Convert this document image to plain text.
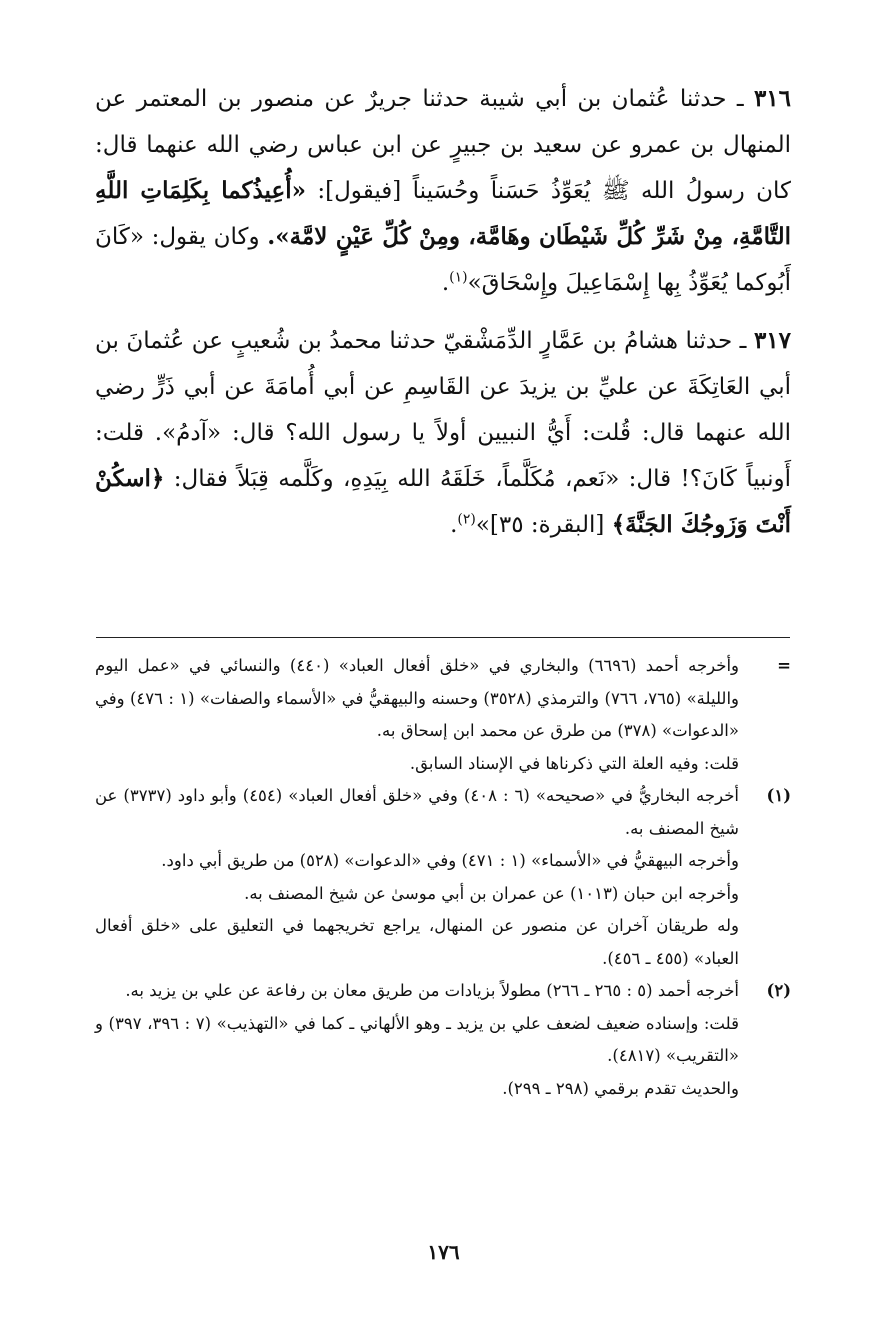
٣١٦ ـ حدثنا عُثمان بن أبي شيبة حدثنا جريرٌ عن منصور بن المعتمر عن المنهال بن عمرو عن سعيد بن جبيرٍ عن ابن عباس رضي الله عنهما قال: كان رسولُ الله ﷺ يُعَوِّذُ حَسَناً وحُسَيناً [فيقول]: «أُعِيذُكما بِكَلِمَاتِ اللَّهِ التَّامَّةِ، مِنْ شَرِّ كُلِّ شَيْطَان وهَامَّة، ومِنْ كُلِّ عَيْنٍ لامَّة». وكان يقول: «كَانَ أَبُوكما يُعَوِّذُ بِها إِسْمَاعِيلَ وإِسْحَاقَ»$^{(١)}$.

٣١٧ ـ حدثنا هشامُ بن عَمَّارٍ الدِّمَشْقيّ حدثنا محمدُ بن شُعيبٍ عن عُثمانَ بن أبي العَاتِكَةَ عن عليِّ بن يزيدَ عن القَاسِمِ عن أبي أُمامَةَ عن أبي ذَرٍّ رضي الله عنهما قال: قُلت: أَيُّ النبيين أولاً يا رسول الله؟ قال: «آدمُ». قلت: أَونبياً كَانَ؟! قال: «نَعم، مُكَلَّماً، خَلَقَهُ الله بِيَدِهِ، وكَلَّمه قِبَلاً فقال: ﴿اسكُنْ أَنْتَ وَزَوجُكَ الجَنَّةَ﴾ [البقرة: ٣٥]»$^{(٢)}$.

=

وأخرجه أحمد (٦٦٩٦) والبخاري في «خلق أفعال العباد» (٤٤٠) والنسائي في «عمل اليوم والليلة» (٧٦٥، ٧٦٦) والترمذي (٣٥٢٨) وحسنه والبيهقيُّ في «الأسماء والصفات» (١ : ٤٧٦) وفي «الدعوات» (٣٧٨) من طرق عن محمد ابن إسحاق به.

قلت: وفيه العلة التي ذكرناها في الإسناد السابق.

(١)

أخرجه البخاريُّ في «صحيحه» (٦ : ٤٠٨) وفي «خلق أفعال العباد» (٤٥٤) وأبو داود (٣٧٣٧) عن شيخ المصنف به.

وأخرجه البيهقيُّ في «الأسماء» (١ : ٤٧١) وفي «الدعوات» (٥٢٨) من طريق أبي داود.

وأخرجه ابن حبان (١٠١٣) عن عمران بن أبي موسىٰ عن شيخ المصنف به.

وله طريقان آخران عن منصور عن المنهال، يراجع تخريجهما في التعليق على «خلق أفعال العباد» (٤٥٥ ـ ٤٥٦).

(٢)

أخرجه أحمد (٥ : ٢٦٥ ـ ٢٦٦) مطولاً بزيادات من طريق معان بن رفاعة عن علي بن يزيد به.

قلت: وإسناده ضعيف لضعف علي بن يزيد ـ وهو الألهاني ـ كما في «التهذيب» (٧ : ٣٩٦، ٣٩٧) و «التقريب» (٤٨١٧).

والحديث تقدم برقمي (٢٩٨ ـ ٢٩٩).

١٧٦
